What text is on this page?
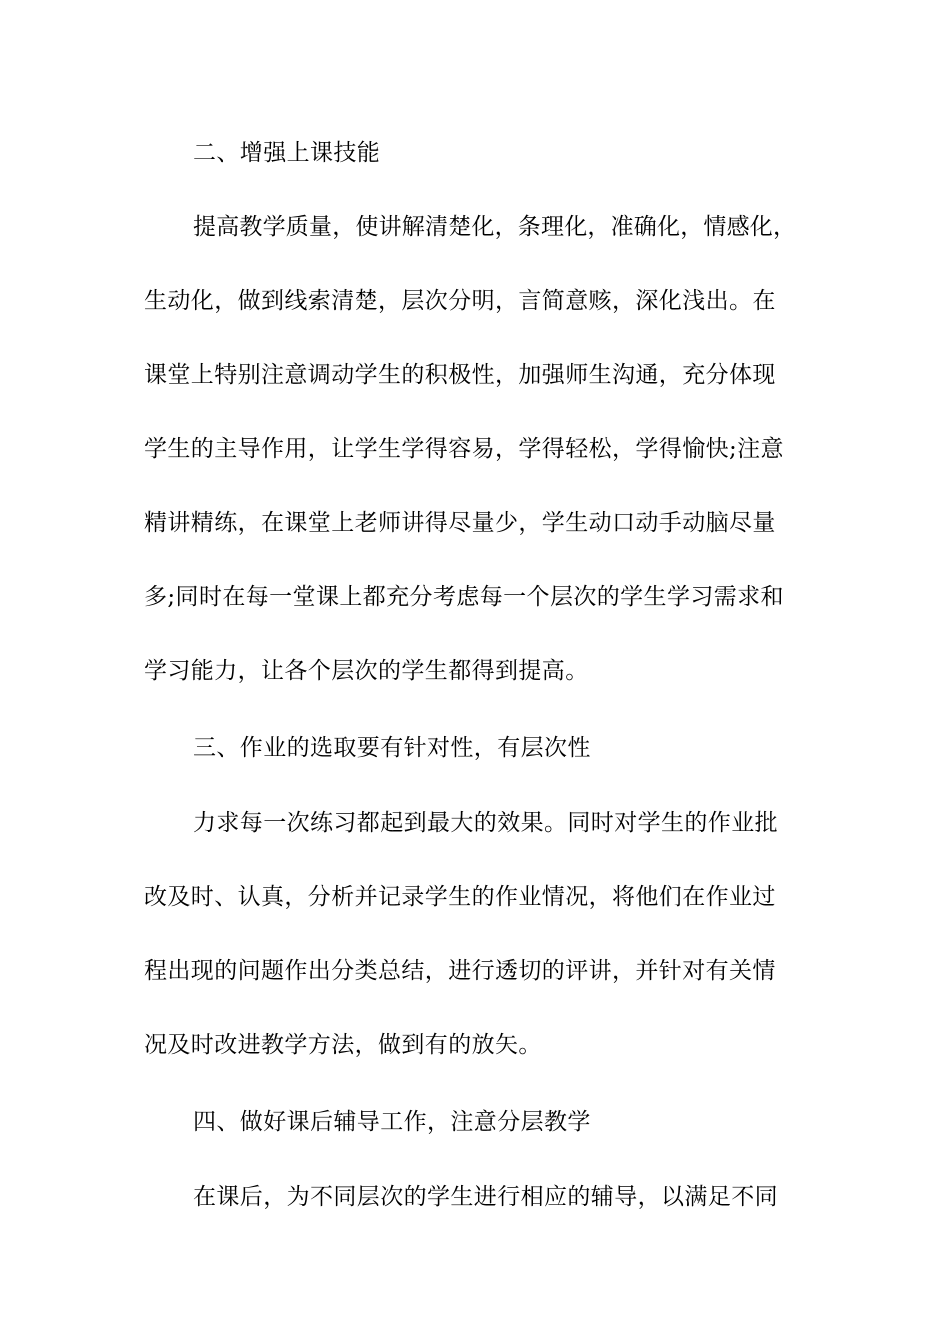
二、增强上课技能
提高教学质量，使讲解清楚化，条理化，准确化，情感化，
生动化，做到线索清楚，层次分明，言简意赅，深化浅出。在
课堂上特别注意调动学生的积极性，加强师生沟通，充分体现
学生的主导作用，让学生学得容易，学得轻松，学得愉快;注意
精讲精练，在课堂上老师讲得尽量少，学生动口动手动脑尽量
多;同时在每一堂课上都充分考虑每一个层次的学生学习需求和
学习能力，让各个层次的学生都得到提高。
三、作业的选取要有针对性，有层次性
力求每一次练习都起到最大的效果。同时对学生的作业批
改及时、认真，分析并记录学生的作业情况，将他们在作业过
程出现的问题作出分类总结，进行透切的评讲，并针对有关情
况及时改进教学方法，做到有的放矢。
四、做好课后辅导工作，注意分层教学
在课后，为不同层次的学生进行相应的辅导，以满足不同
